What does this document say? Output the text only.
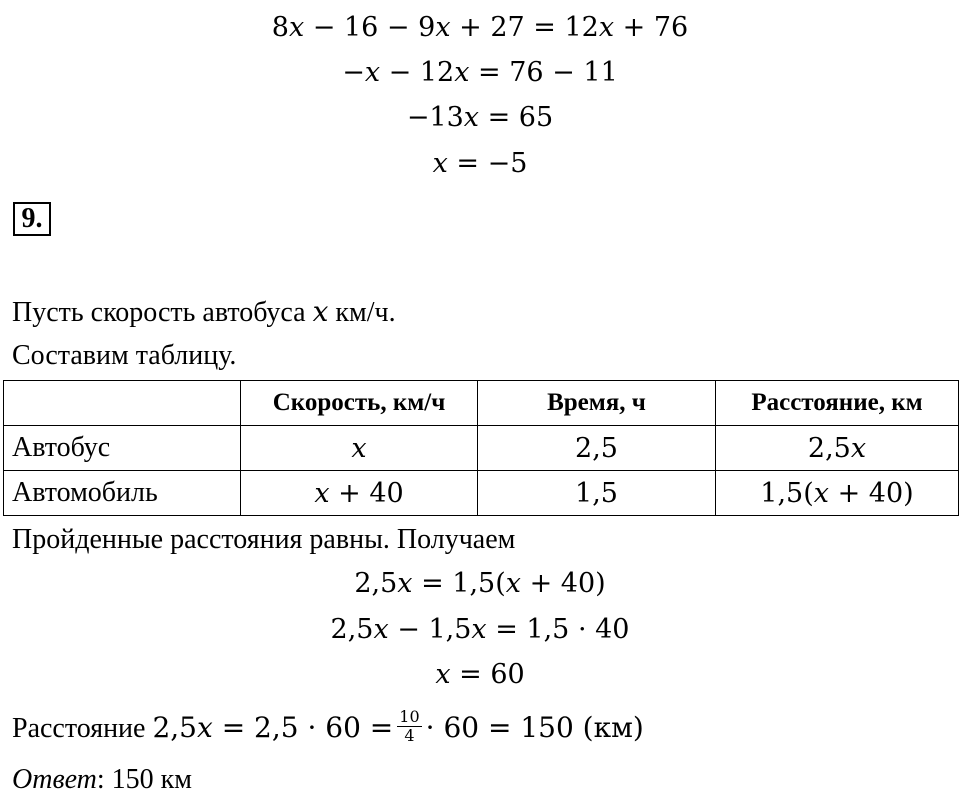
8𝑥 − 16 − 9𝑥 + 27 = 12𝑥 + 76
−𝑥 − 12𝑥 = 76 − 11
−13𝑥 = 65
𝑥 = −5
9.
Пусть скорость автобуса 𝑥 км/ч.
Составим таблицу.
	Скорость, км/ч	Время, ч	Расстояние, км
Автобус	𝑥	2,5	2,5𝑥
Автомобиль	𝑥 + 40	1,5	1,5(𝑥 + 40)
Пройденные расстояния равны. Получаем
2,5𝑥 = 1,5(𝑥 + 40)
2,5𝑥 − 1,5𝑥 = 1,5 · 40
𝑥 = 60
Расстояние 2,5𝑥 = $2,5 \cdot 60 = \frac{10}{4} \cdot 60 = 150$ (км)
Ответ: 150 км
